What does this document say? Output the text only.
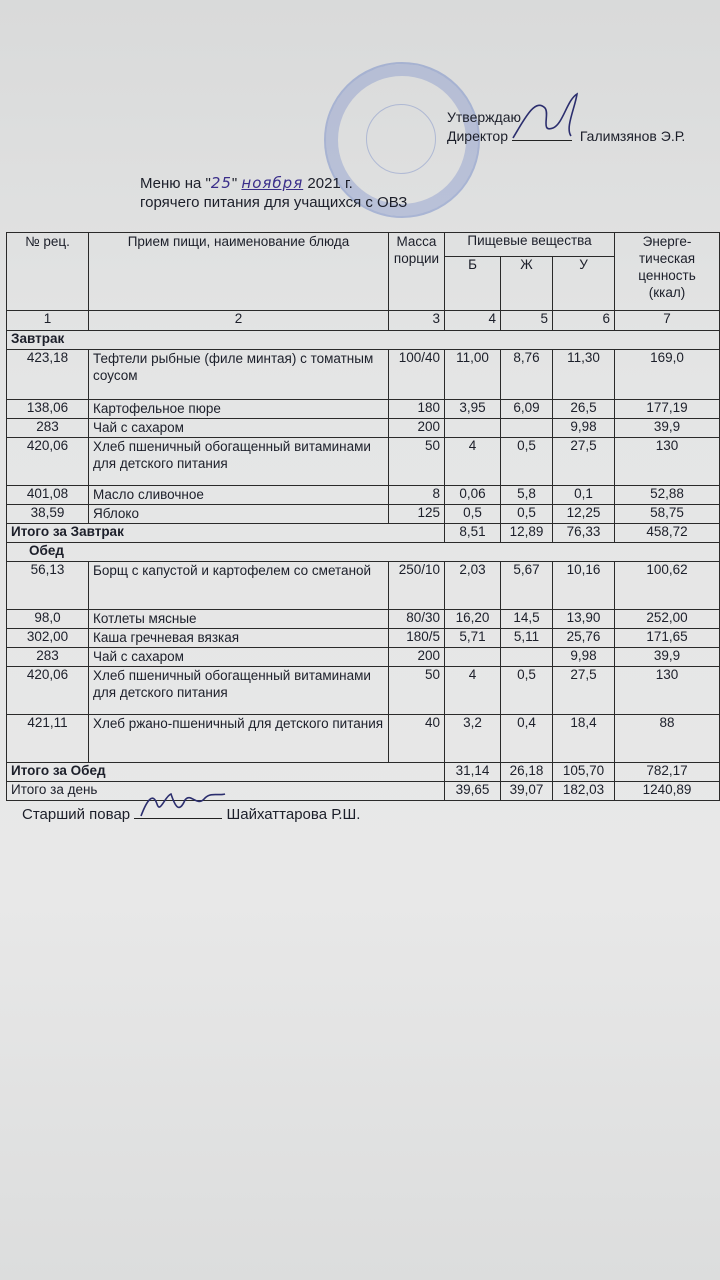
Утверждаю
Директор	Галимзянов Э.Р.
Меню на "25" ноября 2021 г.
горячего питания для учащихся с ОВЗ
№ рец.	Прием пищи, наименование блюда	Масса порции	Пищевые вещества			Энерге-тическая ценность (ккал)
			Б	Ж	У	
1	2	3	4	5	6	7
Завтрак						
423,18	Тефтели рыбные (филе минтая) с томатным соусом	100/40	11,00	8,76	11,30	169,0
138,06	Картофельное пюре	180	3,95	6,09	26,5	177,19
283	Чай с сахаром	200			9,98	39,9
420,06	Хлеб пшеничный обогащенный витаминами для детского питания	50	4	0,5	27,5	130
401,08	Масло сливочное	8	0,06	5,8	0,1	52,88
38,59	Яблоко	125	0,5	0,5	12,25	58,75
Итого за Завтрак			8,51	12,89	76,33	458,72
Обед						
56,13	Борщ с капустой и картофелем со сметаной	250/10	2,03	5,67	10,16	100,62
98,0	Котлеты мясные	80/30	16,20	14,5	13,90	252,00
302,00	Каша гречневая вязкая	180/5	5,71	5,11	25,76	171,65
283	Чай с сахаром	200			9,98	39,9
420,06	Хлеб пшеничный обогащенный витаминами для детского питания	50	4	0,5	27,5	130
421,11	Хлеб ржано-пшеничный для детского питания	40	3,2	0,4	18,4	88
Итого за Обед			31,14	26,18	105,70	782,17
Итого за день			39,65	39,07	182,03	1240,89
Старший повар	Шайхаттарова Р.Ш.
